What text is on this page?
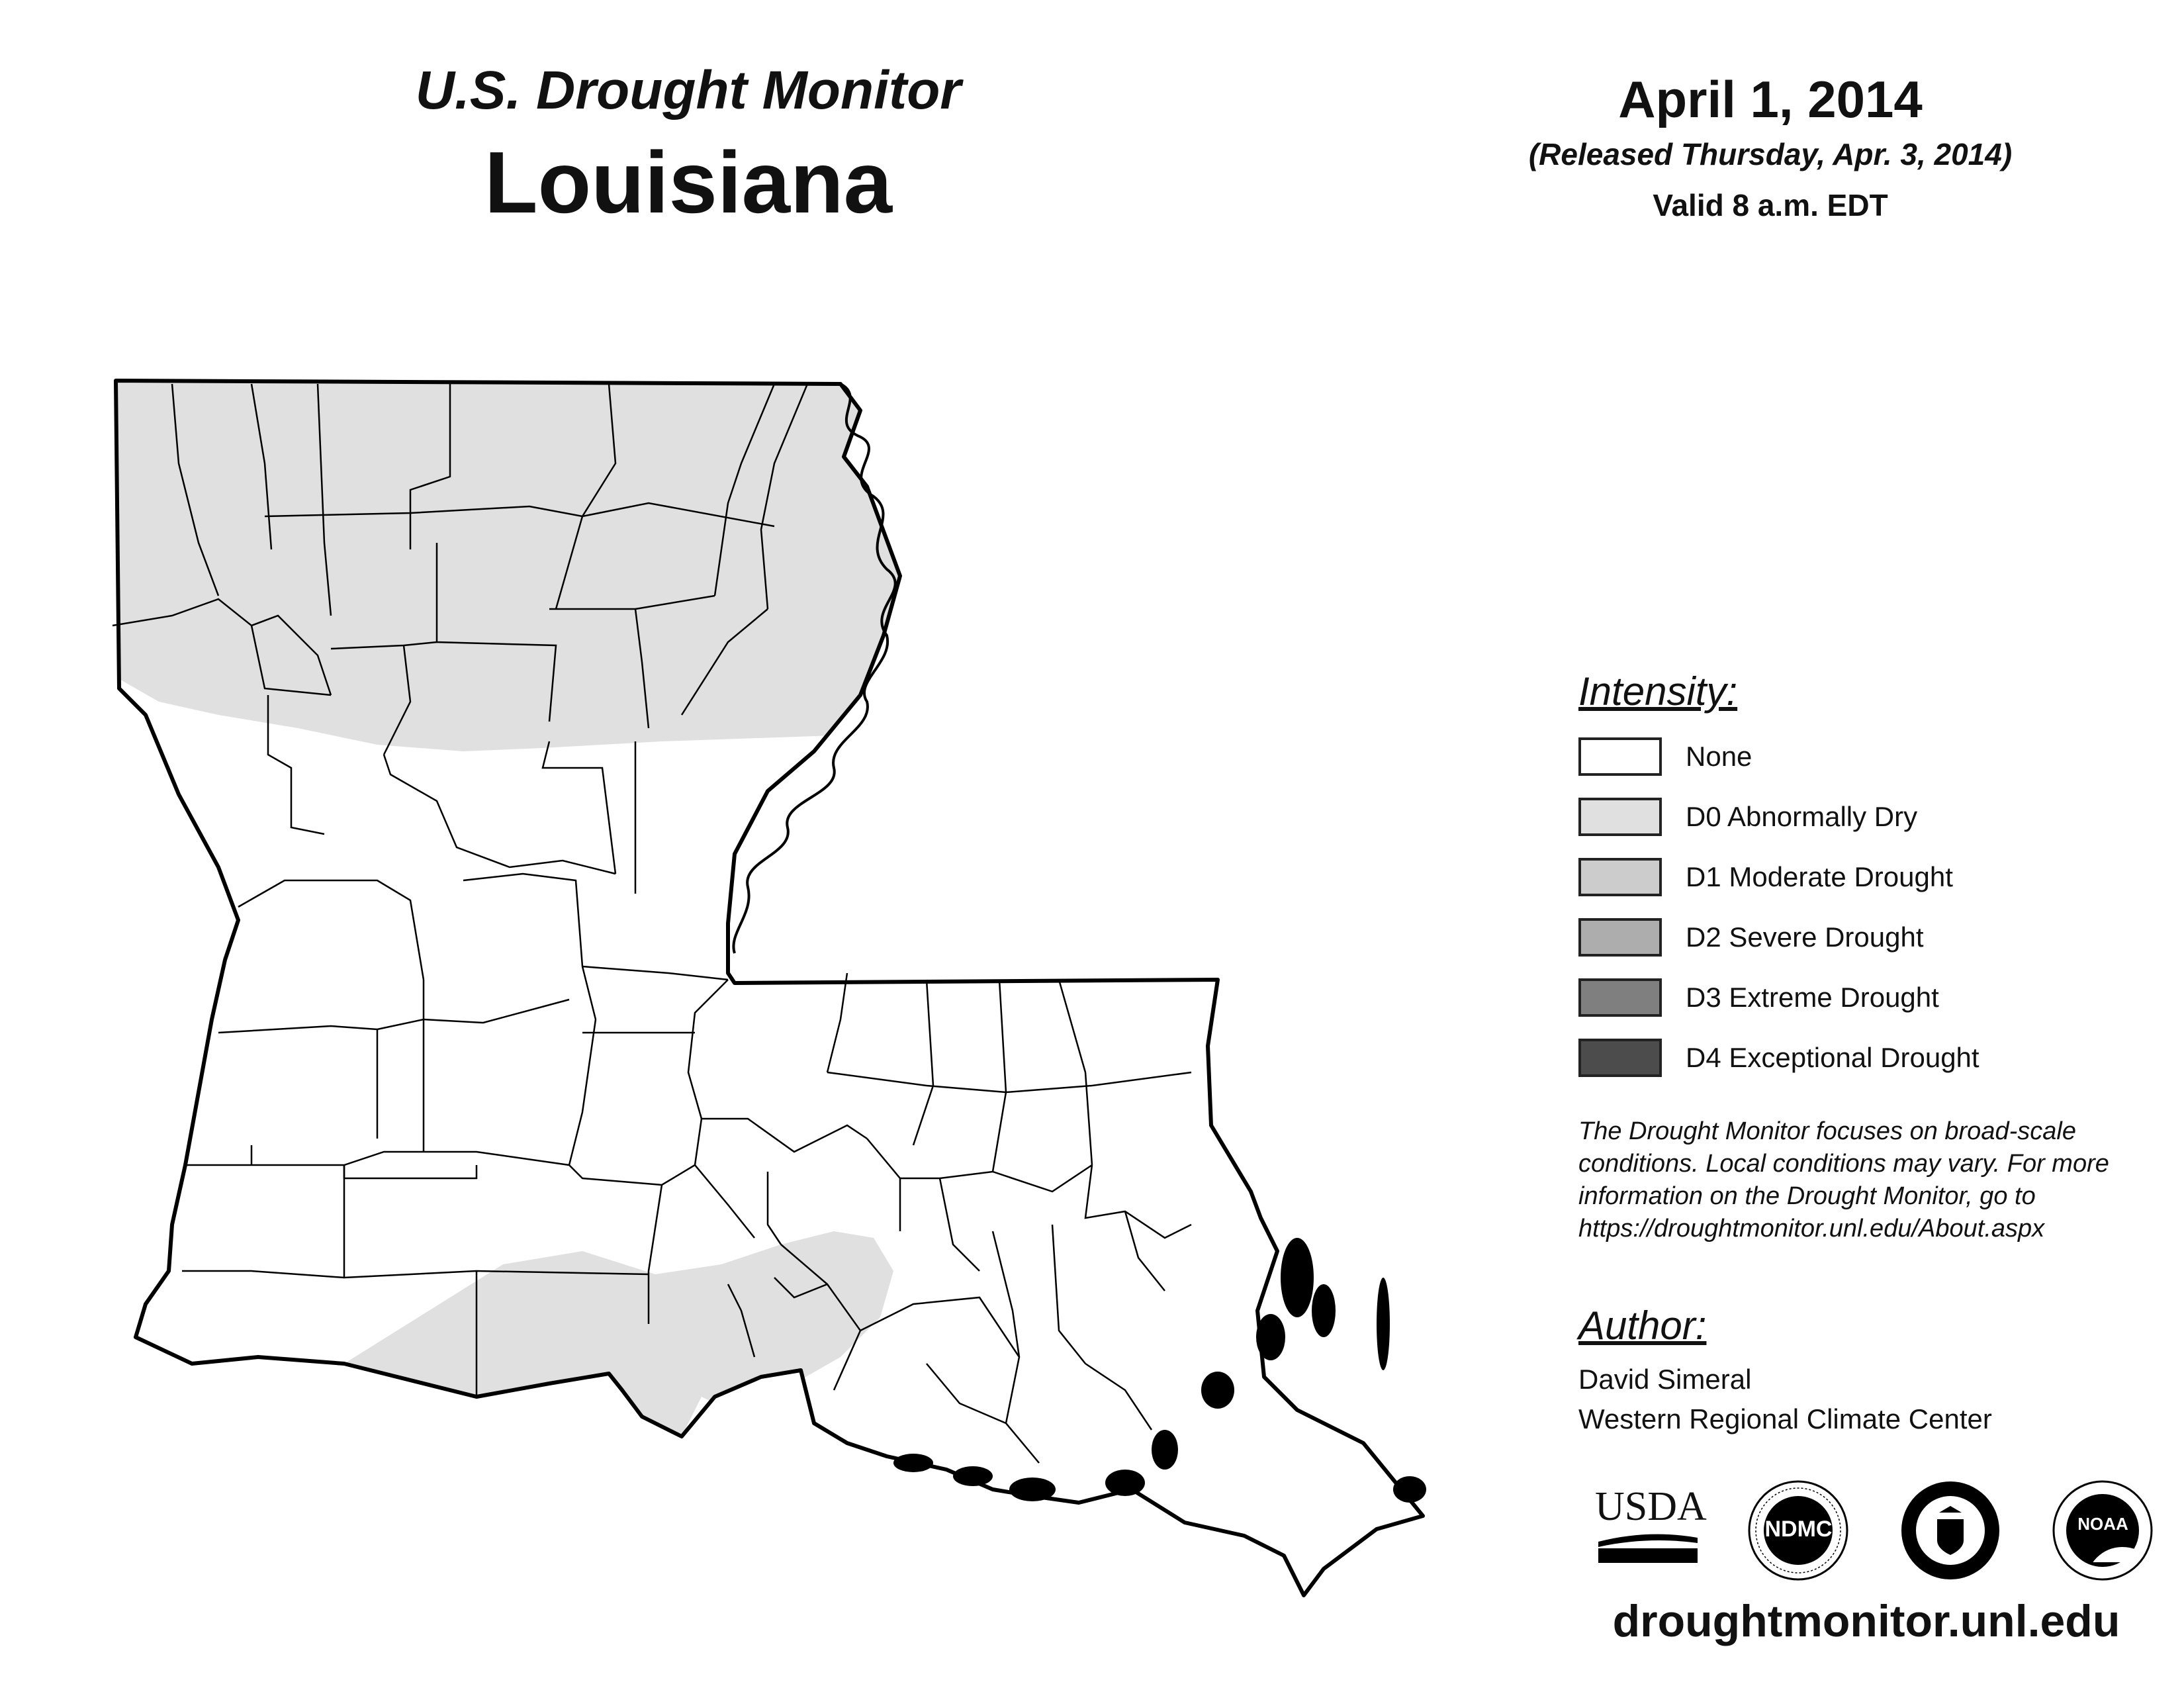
U.S. Drought Monitor
Louisiana
April 1, 2014
(Released Thursday, Apr. 3, 2014)
Valid 8 a.m. EDT
Intensity:
None
D0 Abnormally Dry
D1 Moderate Drought
D2 Severe Drought
D3 Extreme Drought
D4 Exceptional Drought
The Drought Monitor focuses on broad-scale conditions. Local conditions may vary. For more information on the Drought Monitor, go to https://droughtmonitor.unl.edu/About.aspx
Author:
David Simeral
Western Regional Climate Center
USDA	NDMC	NOAA
droughtmonitor.unl.edu
